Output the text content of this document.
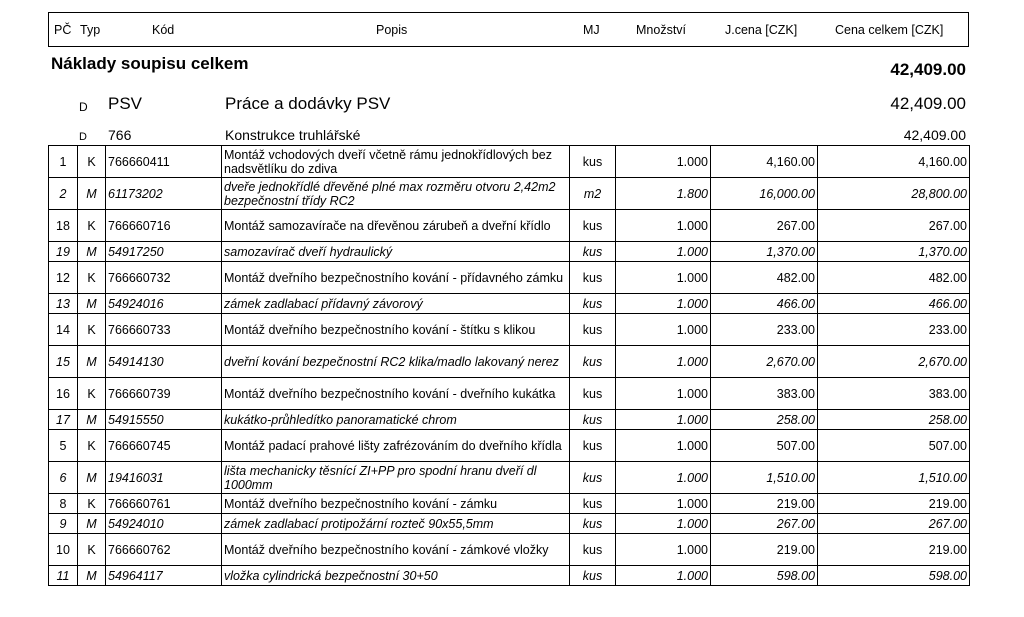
PČ Typ	Kód	Popis	MJ	Množství	J.cena [CZK]	Cena celkem [CZK]
Náklady soupisu celkem	42,409.00
D PSV	Práce a dodávky PSV	42,409.00
D 766	Konstrukce truhlářské	42,409.00
1	K	766660411	Montáž vchodových dveří včetně rámu jednokřídlových bez nadsvětlíku do zdiva	kus	1.000	4,160.00	4,160.00
2	M	61173202	dveře jednokřídlé dřevěné plné max rozměru otvoru 2,42m2 bezpečnostní třídy RC2	m2	1.800	16,000.00	28,800.00
18	K	766660716	Montáž samozavírače na dřevěnou zárubeň a dveřní křídlo	kus	1.000	267.00	267.00
19	M	54917250	samozavírač dveří hydraulický	kus	1.000	1,370.00	1,370.00
12	K	766660732	Montáž dveřního bezpečnostního kování - přídavného zámku	kus	1.000	482.00	482.00
13	M	54924016	zámek zadlabací přídavný závorový	kus	1.000	466.00	466.00
14	K	766660733	Montáž dveřního bezpečnostního kování - štítku s klikou	kus	1.000	233.00	233.00
15	M	54914130	dveřní kování bezpečnostní RC2 klika/madlo lakovaný nerez	kus	1.000	2,670.00	2,670.00
16	K	766660739	Montáž dveřního bezpečnostního kování - dveřního kukátka	kus	1.000	383.00	383.00
17	M	54915550	kukátko-průhledítko panoramatické chrom	kus	1.000	258.00	258.00
5	K	766660745	Montáž padací prahové lišty zafrézováním do dveřního křídla	kus	1.000	507.00	507.00
6	M	19416031	lišta mechanicky těsnící ZI+PP pro spodní hranu dveří dl 1000mm	kus	1.000	1,510.00	1,510.00
8	K	766660761	Montáž dveřního bezpečnostního kování - zámku	kus	1.000	219.00	219.00
9	M	54924010	zámek zadlabací protipožární rozteč 90x55,5mm	kus	1.000	267.00	267.00
10	K	766660762	Montáž dveřního bezpečnostního kování - zámkové vložky	kus	1.000	219.00	219.00
11	M	54964117	vložka cylindrická bezpečnostní 30+50	kus	1.000	598.00	598.00
